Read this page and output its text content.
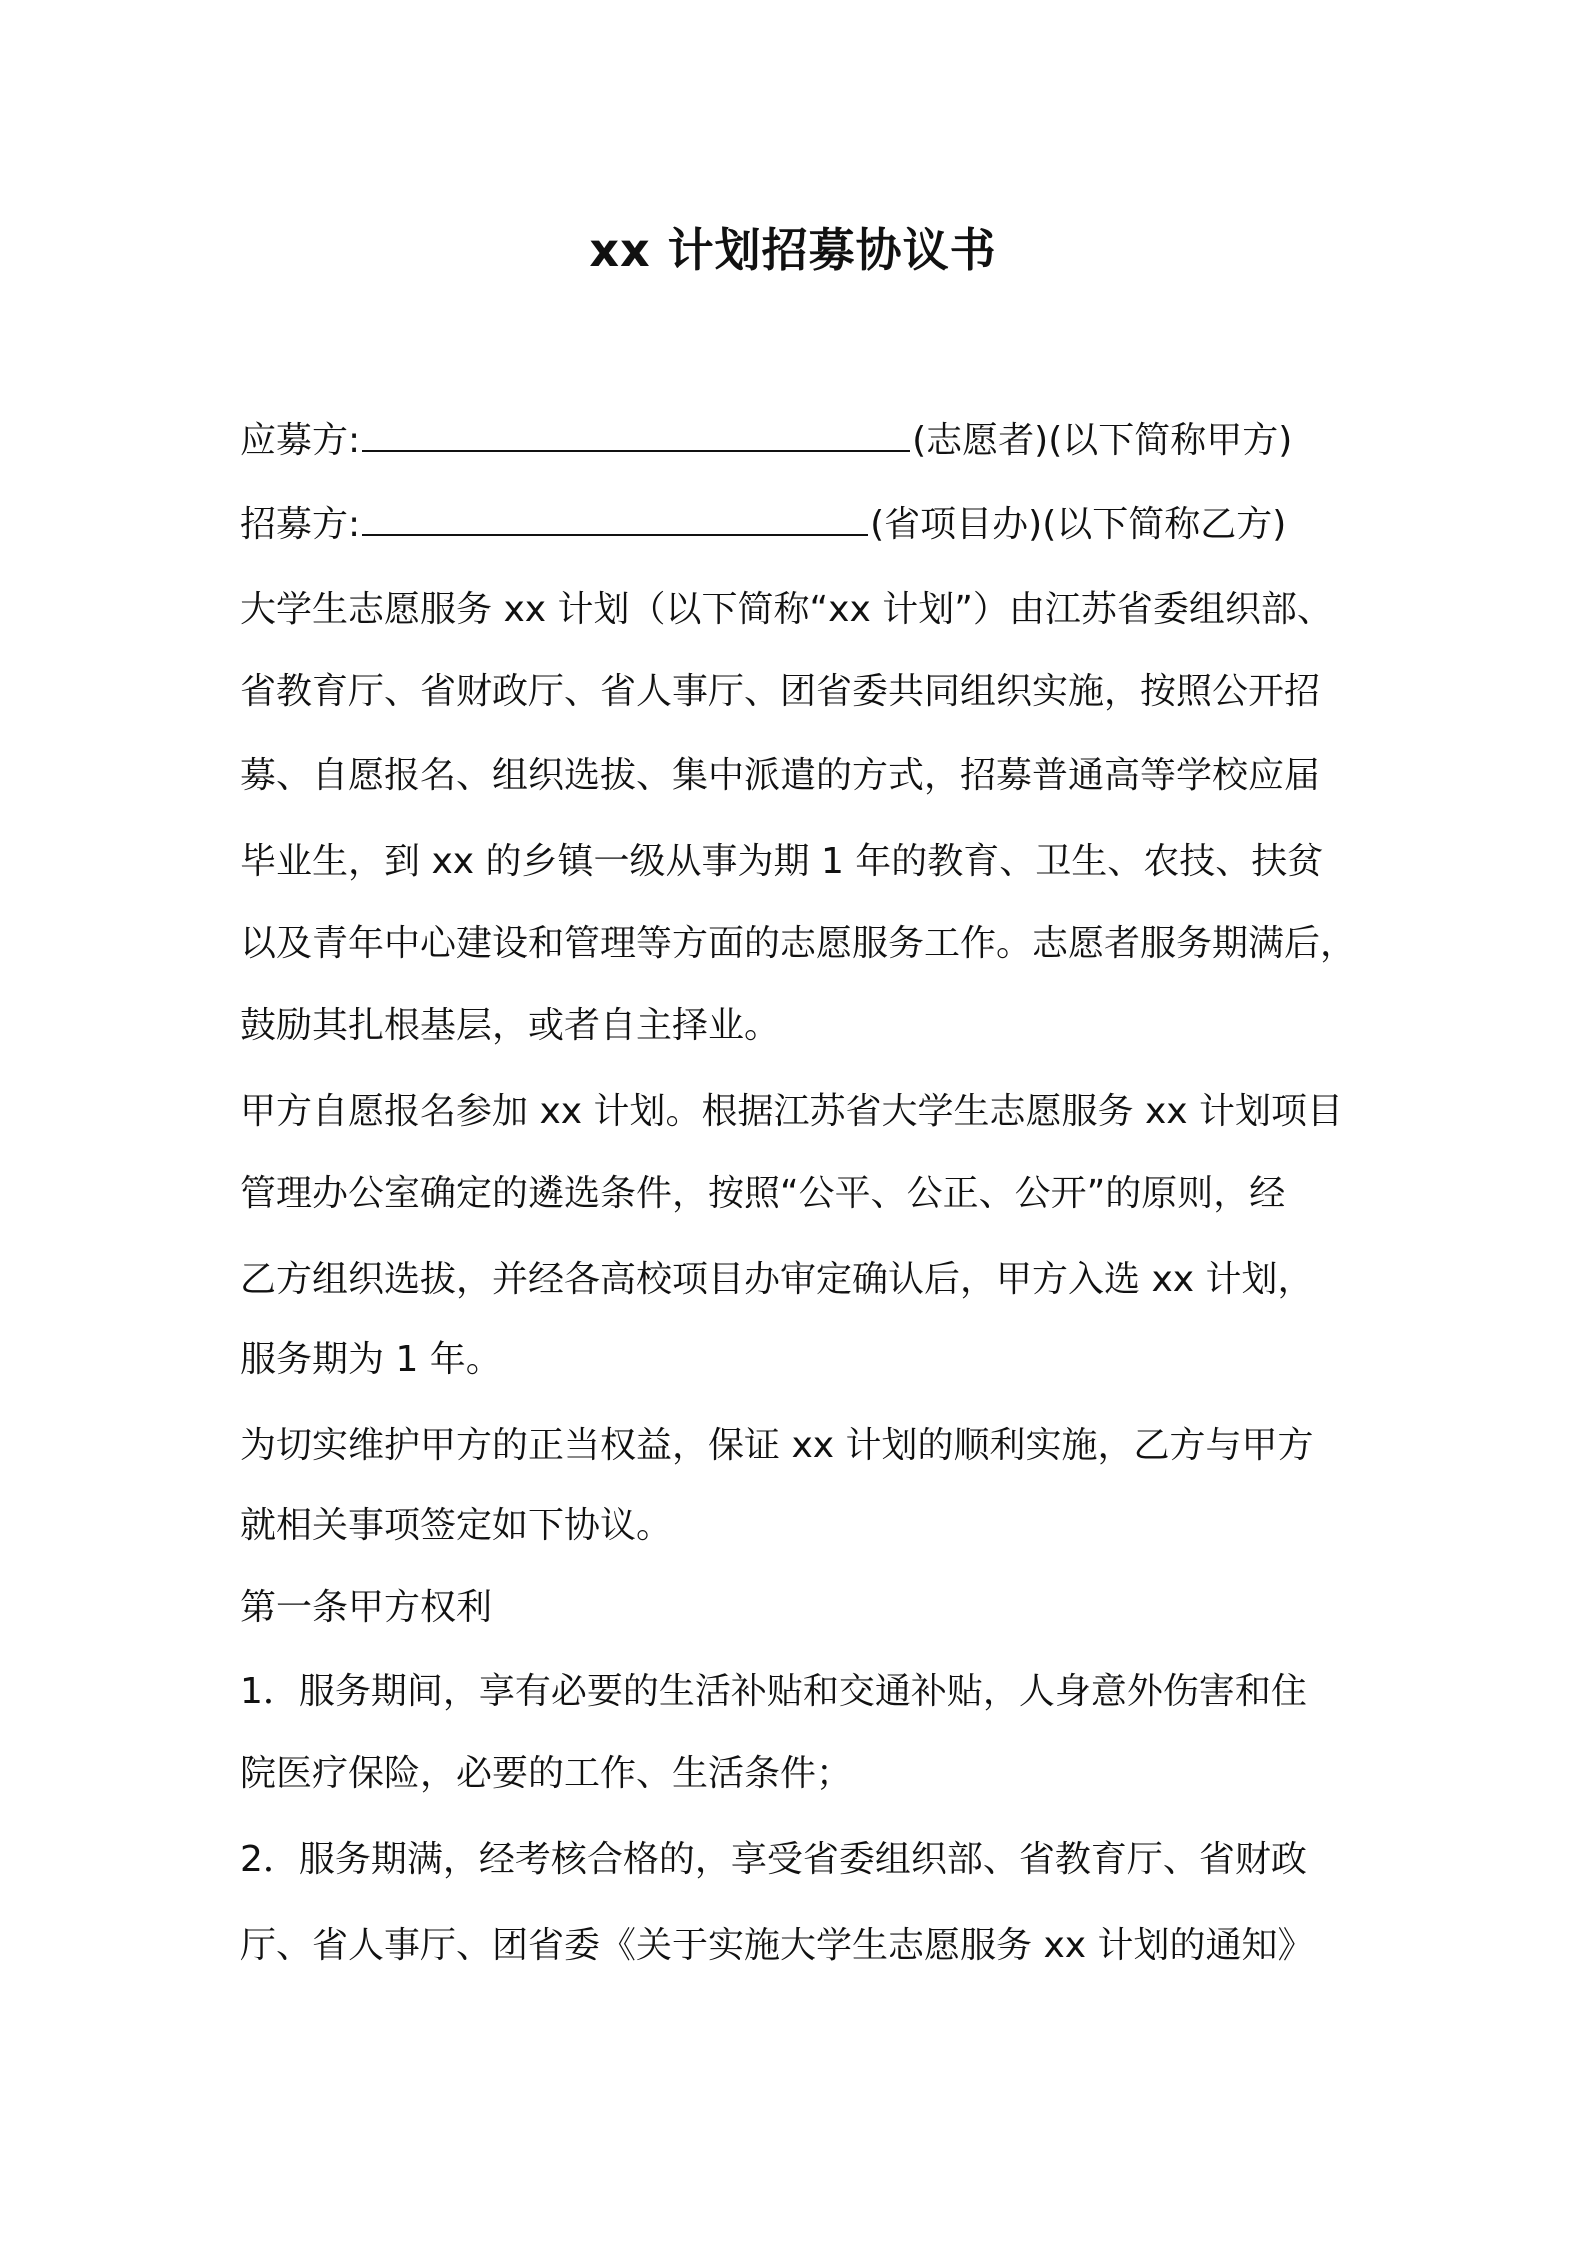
xx 计划招募协议书
应募方:	(志愿者)(以下简称甲方)
招募方:	(省项目办)(以下简称乙方)
大学生志愿服务 xx 计划（以下简称“xx 计划”）由江苏省委组织部、
省教育厅、省财政厅、省人事厅、团省委共同组织实施，按照公开招
募、自愿报名、组织选拔、集中派遣的方式，招募普通高等学校应届
毕业生，到 xx 的乡镇一级从事为期 1 年的教育、卫生、农技、扶贫
以及青年中心建设和管理等方面的志愿服务工作。志愿者服务期满后，
鼓励其扎根基层，或者自主择业。
甲方自愿报名参加 xx 计划。根据江苏省大学生志愿服务 xx 计划项目
管理办公室确定的遴选条件，按照“公平、公正、公开”的原则，经
乙方组织选拔，并经各高校项目办审定确认后，甲方入选 xx 计划，
服务期为 1 年。
为切实维护甲方的正当权益，保证 xx 计划的顺利实施，乙方与甲方
就相关事项签定如下协议。
第一条甲方权利
1．服务期间，享有必要的生活补贴和交通补贴，人身意外伤害和住
院医疗保险，必要的工作、生活条件；
2．服务期满，经考核合格的，享受省委组织部、省教育厅、省财政
厅、省人事厅、团省委《关于实施大学生志愿服务 xx 计划的通知》
